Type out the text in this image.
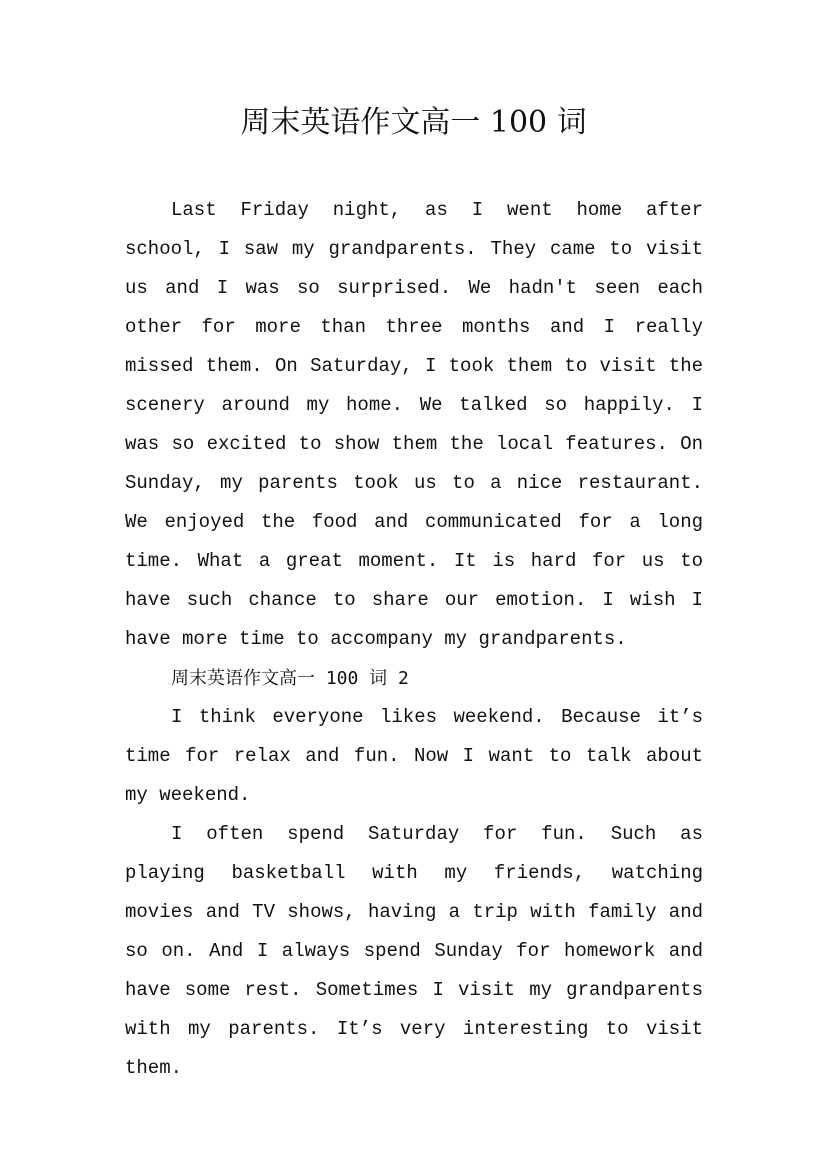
周末英语作文高一 100 词

Last Friday night, as I went home after school, I saw my grandparents. They came to visit us and I was so surprised. We hadn't seen each other for more than three months and I really missed them. On Saturday, I took them to visit the scenery around my home. We talked so happily. I was so excited to show them the local features. On Sunday, my parents took us to a nice restaurant. We enjoyed the food and communicated for a long time. What a great moment. It is hard for us to have such chance to share our emotion. I wish I have more time to accompany my grandparents.

周末英语作文高一 100 词 2

I think everyone likes weekend. Because it’s time for relax and fun. Now I want to talk about my weekend.

I often spend Saturday for fun. Such as playing basketball with my friends, watching movies and TV shows, having a trip with family and so on. And I always spend Sunday for homework and have some rest. Sometimes I visit my grandparents with my parents. It’s very interesting to visit them.
